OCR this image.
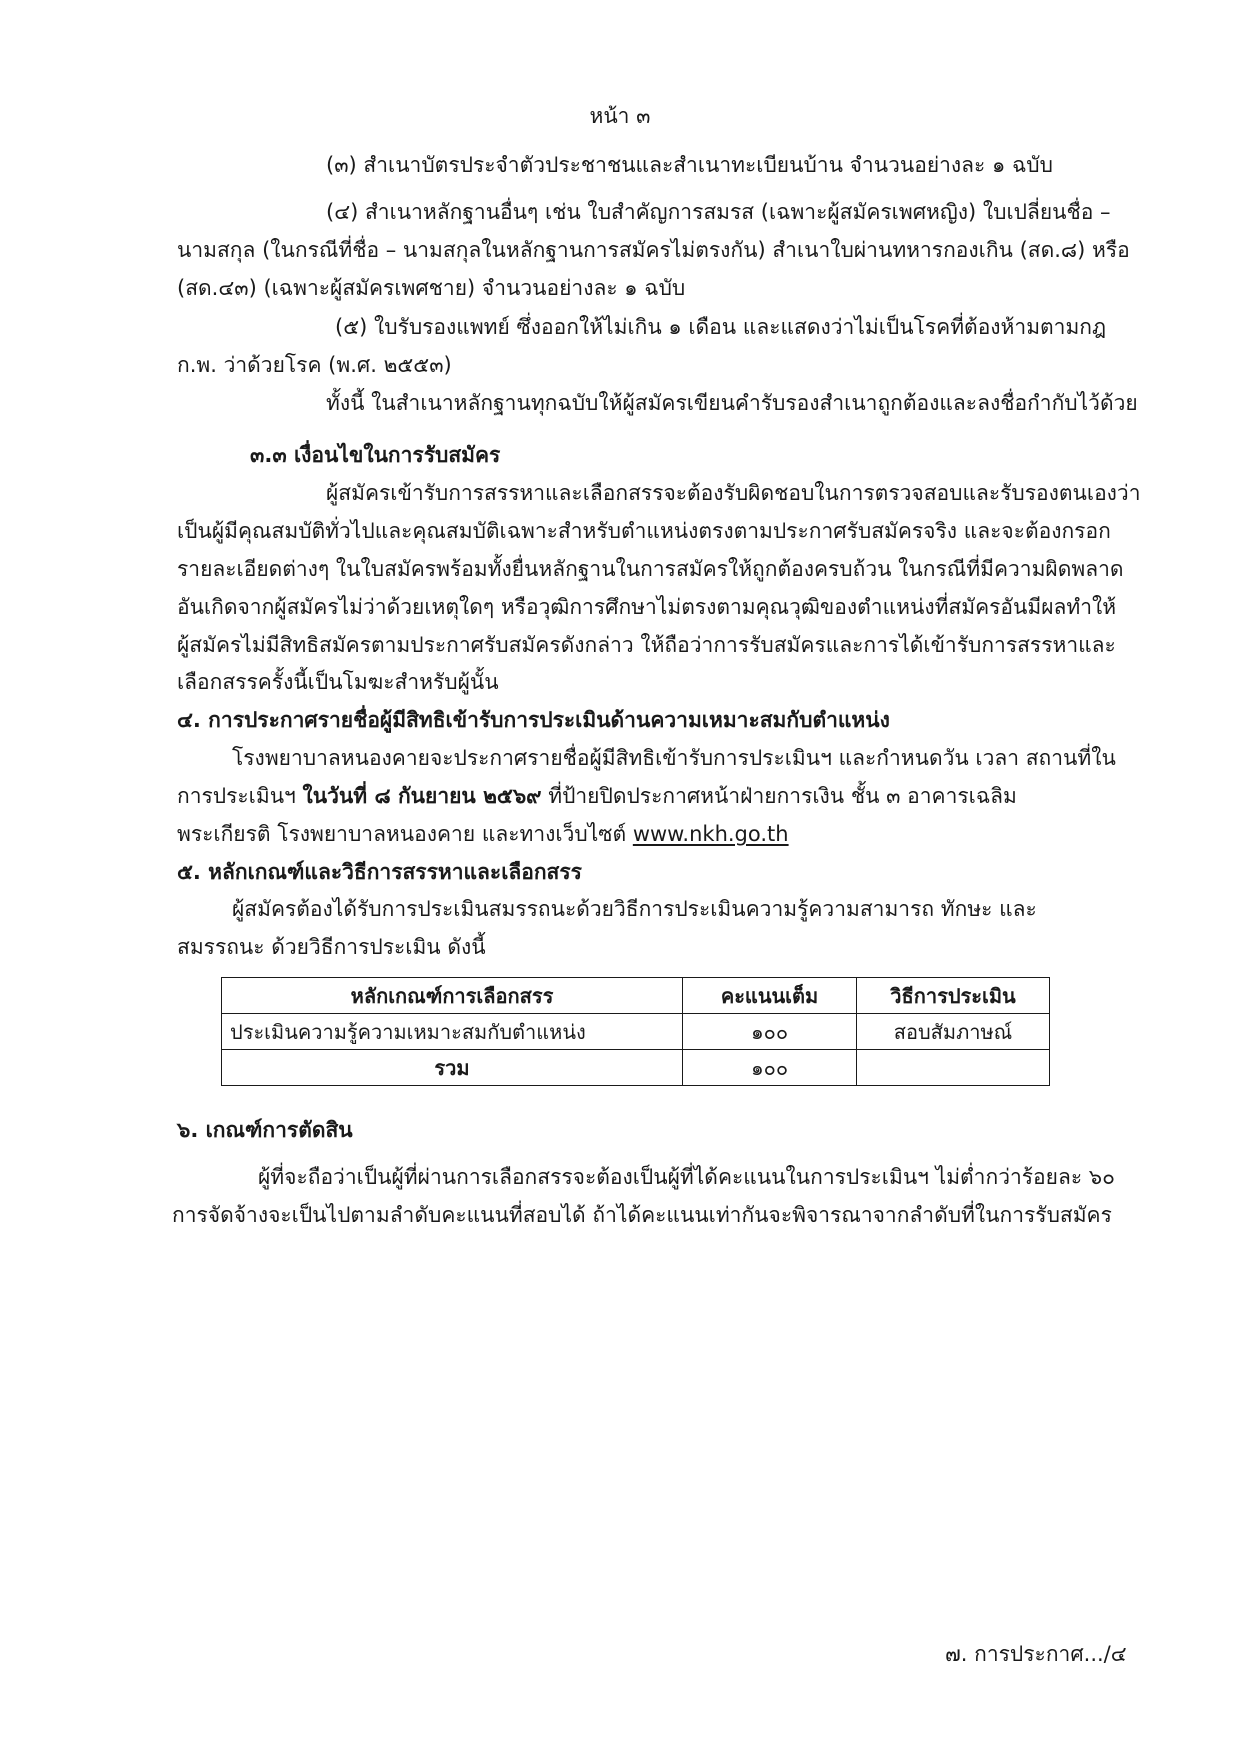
หน้า ๓
(๓) สำเนาบัตรประจำตัวประชาชนและสำเนาทะเบียนบ้าน จำนวนอย่างละ ๑ ฉบับ
(๔) สำเนาหลักฐานอื่นๆ เช่น ใบสำคัญการสมรส (เฉพาะผู้สมัครเพศหญิง) ใบเปลี่ยนชื่อ –
นามสกุล (ในกรณีที่ชื่อ – นามสกุลในหลักฐานการสมัครไม่ตรงกัน) สำเนาใบผ่านทหารกองเกิน (สด.๘) หรือ
(สด.๔๓) (เฉพาะผู้สมัครเพศชาย) จำนวนอย่างละ ๑ ฉบับ
(๕) ใบรับรองแพทย์ ซึ่งออกให้ไม่เกิน ๑ เดือน และแสดงว่าไม่เป็นโรคที่ต้องห้ามตามกฎ
ก.พ. ว่าด้วยโรค (พ.ศ. ๒๕๕๓)
ทั้งนี้ ในสำเนาหลักฐานทุกฉบับให้ผู้สมัครเขียนคำรับรองสำเนาถูกต้องและลงชื่อกำกับไว้ด้วย
๓.๓ เงื่อนไขในการรับสมัคร
ผู้สมัครเข้ารับการสรรหาและเลือกสรรจะต้องรับผิดชอบในการตรวจสอบและรับรองตนเองว่า
เป็นผู้มีคุณสมบัติทั่วไปและคุณสมบัติเฉพาะสำหรับตำแหน่งตรงตามประกาศรับสมัครจริง และจะต้องกรอก
รายละเอียดต่างๆ ในใบสมัครพร้อมทั้งยื่นหลักฐานในการสมัครให้ถูกต้องครบถ้วน ในกรณีที่มีความผิดพลาด
อันเกิดจากผู้สมัครไม่ว่าด้วยเหตุใดๆ หรือวุฒิการศึกษาไม่ตรงตามคุณวุฒิของตำแหน่งที่สมัครอันมีผลทำให้
ผู้สมัครไม่มีสิทธิสมัครตามประกาศรับสมัครดังกล่าว ให้ถือว่าการรับสมัครและการได้เข้ารับการสรรหาและ
เลือกสรรครั้งนี้เป็นโมฆะสำหรับผู้นั้น
๔. การประกาศรายชื่อผู้มีสิทธิเข้ารับการประเมินด้านความเหมาะสมกับตำแหน่ง
โรงพยาบาลหนองคายจะประกาศรายชื่อผู้มีสิทธิเข้ารับการประเมินฯ และกำหนดวัน เวลา สถานที่ใน
การประเมินฯ ในวันที่ ๘ กันยายน ๒๕๖๙ ที่ป้ายปิดประกาศหน้าฝ่ายการเงิน ชั้น ๓ อาคารเฉลิม
พระเกียรติ โรงพยาบาลหนองคาย และทางเว็บไซต์ www.nkh.go.th
๕. หลักเกณฑ์และวิธีการสรรหาและเลือกสรร
ผู้สมัครต้องได้รับการประเมินสมรรถนะด้วยวิธีการประเมินความรู้ความสามารถ ทักษะ และ
สมรรถนะ ด้วยวิธีการประเมิน ดังนี้
หลักเกณฑ์การเลือกสรร	คะแนนเต็ม	วิธีการประเมิน
ประเมินความรู้ความเหมาะสมกับตำแหน่ง	๑๐๐	สอบสัมภาษณ์
รวม	๑๐๐	
๖. เกณฑ์การตัดสิน
ผู้ที่จะถือว่าเป็นผู้ที่ผ่านการเลือกสรรจะต้องเป็นผู้ที่ได้คะแนนในการประเมินฯ ไม่ต่ำกว่าร้อยละ ๖๐
การจัดจ้างจะเป็นไปตามลำดับคะแนนที่สอบได้ ถ้าได้คะแนนเท่ากันจะพิจารณาจากลำดับที่ในการรับสมัคร
๗. การประกาศ.../๔
